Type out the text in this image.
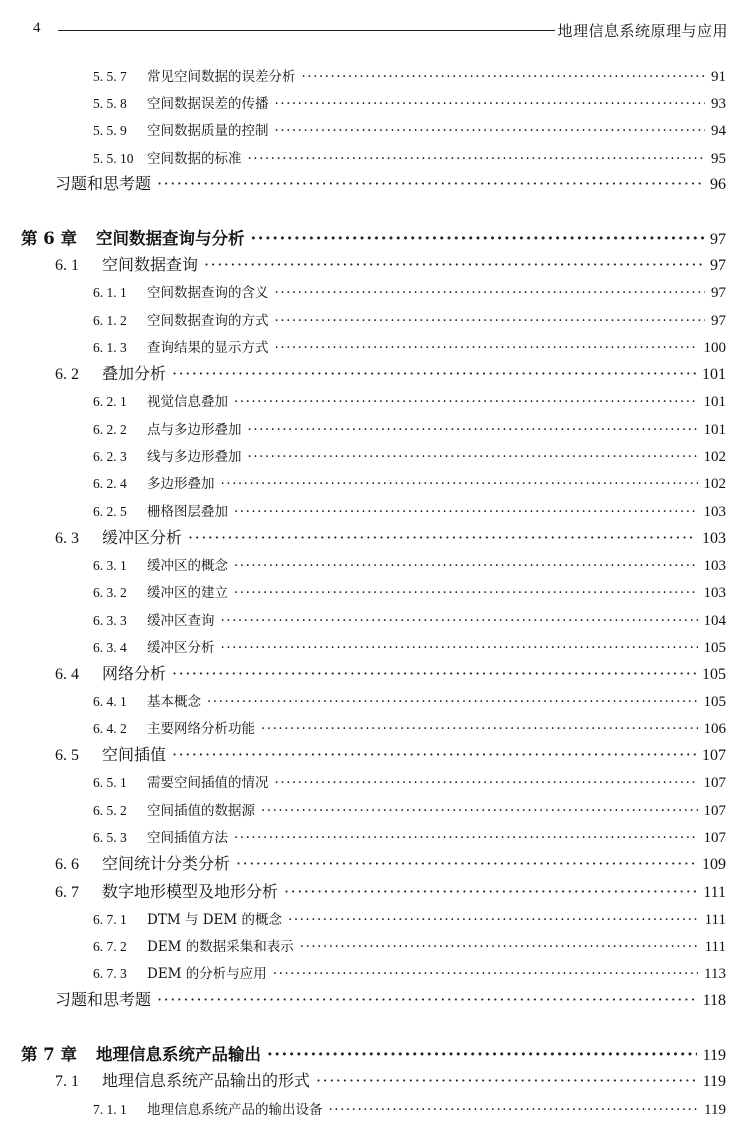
4	地理信息系统原理与应用
5. 5. 7	常见空间数据的误差分析 ·····	91
5. 5. 8	空间数据误差的传播 ·····	93
5. 5. 9	空间数据质量的控制 ·····	94
5. 5. 10	空间数据的标准 ·····	95
习题和思考题 ·····	96
第 6 章	空间数据查询与分析 ·····	97
6. 1	空间数据查询 ·····	97
6. 1. 1	空间数据查询的含义 ·····	97
6. 1. 2	空间数据查询的方式 ·····	97
6. 1. 3	查询结果的显示方式 ·····	100
6. 2	叠加分析 ·····	101
6. 2. 1	视觉信息叠加 ·····	101
6. 2. 2	点与多边形叠加 ·····	101
6. 2. 3	线与多边形叠加 ·····	102
6. 2. 4	多边形叠加 ·····	102
6. 2. 5	栅格图层叠加 ·····	103
6. 3	缓冲区分析 ·····	103
6. 3. 1	缓冲区的概念 ·····	103
6. 3. 2	缓冲区的建立 ·····	103
6. 3. 3	缓冲区查询 ·····	104
6. 3. 4	缓冲区分析 ·····	105
6. 4	网络分析 ·····	105
6. 4. 1	基本概念 ·····	105
6. 4. 2	主要网络分析功能 ·····	106
6. 5	空间插值 ·····	107
6. 5. 1	需要空间插值的情况 ·····	107
6. 5. 2	空间插值的数据源 ·····	107
6. 5. 3	空间插值方法 ·····	107
6. 6	空间统计分类分析 ·····	109
6. 7	数字地形模型及地形分析 ·····	111
6. 7. 1	DTM 与 DEM 的概念 ·····	111
6. 7. 2	DEM 的数据采集和表示 ·····	111
6. 7. 3	DEM 的分析与应用 ·····	113
习题和思考题 ·····	118
第 7 章	地理信息系统产品输出 ·····	119
7. 1	地理信息系统产品输出的形式 ·····	119
7. 1. 1	地理信息系统产品的输出设备 ·····	119
